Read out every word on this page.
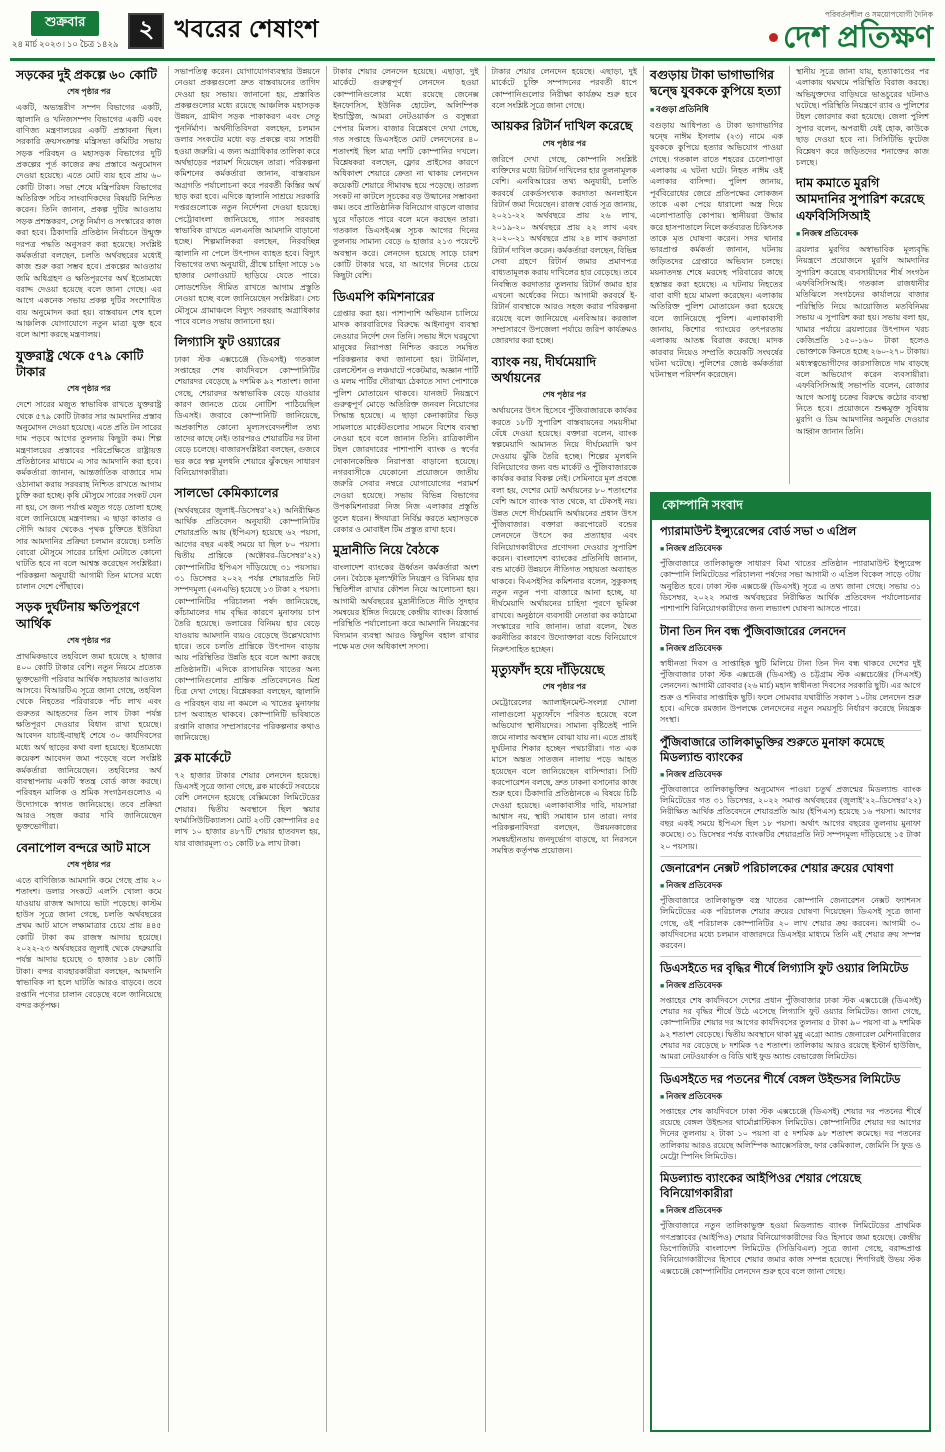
শুক্রবার
২৪ মার্চ ২০২৩ ৷ ১০ চৈত্র ১৪২৯
২ খবরের শেষাংশ
পরিবর্তনশীল ও সময়োপযোগী দৈনিক
দেশ প্রতিক্ষণ
সড়কের দুই প্রকল্পে ৬০ কোটি
শেষ পৃষ্ঠার পর
একটি, অভ্যন্তরীণ সম্পদ বিভাগের একটি, জ্বালানি ও খনিজসম্পদ বিভাগের একটি এবং বাণিজ্য মন্ত্রণালয়ের একটি প্রস্তাবনা ছিল। সরকারি ক্রয়সংক্রান্ত মন্ত্রিসভা কমিটির সভায় সড়ক পরিবহন ও মহাসড়ক বিভাগের দুটি প্রকল্পের পূর্ত কাজের ক্রয় প্রস্তাবে অনুমোদন দেওয়া হয়েছে। এতে মোট ব্যয় হবে প্রায় ৬০ কোটি টাকা। সভা শেষে মন্ত্রিপরিষদ বিভাগের অতিরিক্ত সচিব সাংবাদিকদের বিষয়টি নিশ্চিত করেন। তিনি জানান, প্রকল্প দুটির আওতায় সড়ক প্রশস্তকরণ, সেতু নির্মাণ ও সংস্কারের কাজ করা হবে। ঠিকাদারি প্রতিষ্ঠান নির্বাচনে উন্মুক্ত দরপত্র পদ্ধতি অনুসরণ করা হয়েছে। সংশ্লিষ্ট কর্মকর্তারা বলছেন, চলতি অর্থবছরের মধ্যেই কাজ শুরু করা সম্ভব হবে। প্রকল্পের আওতায় জমি অধিগ্রহণ ও ক্ষতিপূরণের অর্থ ইতোমধ্যে বরাদ্দ দেওয়া হয়েছে বলে জানা গেছে। এর আগে একনেক সভায় প্রকল্প দুটির সংশোধিত ব্যয় অনুমোদন করা হয়। বাস্তবায়ন শেষ হলে আঞ্চলিক যোগাযোগে নতুন মাত্রা যুক্ত হবে বলে আশা করছে মন্ত্রণালয়।
যুক্তরাষ্ট্র থেকে ৫৭৯ কোটি টাকার
শেষ পৃষ্ঠার পর
দেশে সারের মজুত স্বাভাবিক রাখতে যুক্তরাষ্ট্র থেকে ৫৭৯ কোটি টাকার সার আমদানির প্রস্তাব অনুমোদন দেওয়া হয়েছে। এতে প্রতি টন সারের দাম পড়বে আগের তুলনায় কিছুটা কম। শিল্প মন্ত্রণালয়ের প্রস্তাবের পরিপ্রেক্ষিতে রাষ্ট্রায়ত্ত প্রতিষ্ঠানের মাধ্যমে এ সার আমদানি করা হবে। কর্মকর্তারা জানান, আন্তর্জাতিক বাজারে দাম ওঠানামা করায় সরবরাহ নিশ্চিত রাখতে আগাম চুক্তি করা হচ্ছে। কৃষি মৌসুমে সারের সংকট যেন না হয়, সে জন্য পর্যাপ্ত মজুত গড়ে তোলা হচ্ছে বলে জানিয়েছে মন্ত্রণালয়। এ ছাড়া কাতার ও সৌদি আরব থেকেও পৃথক চুক্তিতে ইউরিয়া সার আমদানির প্রক্রিয়া চলমান রয়েছে। চলতি বোরো মৌসুমে সারের চাহিদা মেটাতে কোনো ঘাটতি হবে না বলে আশ্বস্ত করেছেন সংশ্লিষ্টরা। পরিকল্পনা অনুযায়ী আগামী তিন মাসের মধ্যে চালান দেশে পৌঁছাবে।
সড়ক দুর্ঘটনায় ক্ষতিপূরণে আর্থিক
শেষ পৃষ্ঠার পর
প্রাথমিকভাবে তহবিলে জমা হয়েছে ২ হাজার ৪০০ কোটি টাকার বেশি। নতুন নিয়মে প্রত্যেক ভুক্তভোগী পরিবার আর্থিক সহায়তার আওতায় আসবে। বিআরটিএ সূত্রে জানা গেছে, তহবিল থেকে নিহতের পরিবারকে পাঁচ লাখ এবং গুরুতর আহতদের তিন লাখ টাকা পর্যন্ত ক্ষতিপূরণ দেওয়ার বিধান রাখা হয়েছে। আবেদন যাচাই-বাছাই শেষে ৩০ কার্যদিবসের মধ্যে অর্থ ছাড়ের কথা বলা হয়েছে। ইতোমধ্যে কয়েকশ আবেদন জমা পড়েছে বলে সংশ্লিষ্ট কর্মকর্তারা জানিয়েছেন। তহবিলের অর্থ ব্যবস্থাপনায় একটি স্বতন্ত্র বোর্ড কাজ করছে। পরিবহন মালিক ও শ্রমিক সংগঠনগুলোও এ উদ্যোগকে স্বাগত জানিয়েছে। তবে প্রক্রিয়া আরও সহজ করার দাবি জানিয়েছেন ভুক্তভোগীরা।
বেনাপোল বন্দরে আট মাসে
শেষ পৃষ্ঠার পর
এতে বাণিজ্যিক আমদানি কমে গেছে প্রায় ২০ শতাংশ। ডলার সংকটে এলসি খোলা কমে যাওয়ায় রাজস্ব আদায়ে ভাটা পড়েছে। কাস্টম হাউস সূত্রে জানা গেছে, চলতি অর্থবছরের প্রথম আট মাসে লক্ষ্যমাত্রার চেয়ে প্রায় ৪৪৫ কোটি টাকা কম রাজস্ব আদায় হয়েছে। ২০২২-২৩ অর্থবছরের জুলাই থেকে ফেব্রুয়ারি পর্যন্ত আদায় হয়েছে ৩ হাজার ১৪৮ কোটি টাকা। বন্দর ব্যবহারকারীরা বলছেন, আমদানি স্বাভাবিক না হলে ঘাটতি আরও বাড়বে। তবে রপ্তানি পণ্যের চালান বেড়েছে বলে জানিয়েছে বন্দর কর্তৃপক্ষ।
সভাপতিত্ব করেন। যোগাযোগব্যবস্থার উন্নয়নে নেওয়া প্রকল্পগুলো দ্রুত বাস্তবায়নের তাগিদ দেওয়া হয় সভায়। জানানো হয়, প্রস্তাবিত প্রকল্পগুলোর মধ্যে রয়েছে আঞ্চলিক মহাসড়ক উন্নয়ন, গ্রামীণ সড়ক পাকাকরণ এবং সেতু পুনর্নির্মাণ। অর্থনীতিবিদরা বলছেন, চলমান ডলার সংকটের মধ্যে বড় প্রকল্পে ব্যয় সাশ্রয়ী হওয়া জরুরি। এ জন্য অগ্রাধিকার তালিকা করে অর্থছাড়ের পরামর্শ দিয়েছেন তারা। পরিকল্পনা কমিশনের কর্মকর্তারা জানান, বাস্তবায়ন অগ্রগতি পর্যালোচনা করে পরবর্তী কিস্তির অর্থ ছাড় করা হবে। এদিকে জ্বালানি সাশ্রয়ে সরকারি দপ্তরগুলোকে নতুন নির্দেশনা দেওয়া হয়েছে। পেট্রোবাংলা জানিয়েছে, গ্যাস সরবরাহ স্বাভাবিক রাখতে এলএনজি আমদানি বাড়ানো হচ্ছে। শিল্পমালিকরা বলছেন, নিরবচ্ছিন্ন জ্বালানি না পেলে উৎপাদন ব্যাহত হবে। বিদ্যুৎ বিভাগের তথ্য অনুযায়ী, গ্রীষ্মে চাহিদা সাড়ে ১৬ হাজার মেগাওয়াট ছাড়িয়ে যেতে পারে। লোডশেডিং সীমিত রাখতে আগাম প্রস্তুতি নেওয়া হচ্ছে বলে জানিয়েছেন সংশ্লিষ্টরা। সেচ মৌসুমে গ্রামাঞ্চলে বিদ্যুৎ সরবরাহ অগ্রাধিকার পাবে বলেও সভায় জানানো হয়।
লিগ্যাসি ফুট ওয়্যারের
ঢাকা স্টক এক্সচেঞ্জে (ডিএসই) গতকাল সপ্তাহের শেষ কার্যদিবসে কোম্পানিটির শেয়ারদর বেড়েছে ৯ দশমিক ৯২ শতাংশ। জানা গেছে, শেয়ারদর অস্বাভাবিক বেড়ে যাওয়ার কারণ জানতে চেয়ে নোটিশ পাঠিয়েছিল ডিএসই। জবাবে কোম্পানিটি জানিয়েছে, অপ্রকাশিত কোনো মূল্যসংবেদনশীল তথ্য তাদের কাছে নেই। তারপরও শেয়ারটির দর টানা বেড়ে চলেছে। বাজারসংশ্লিষ্টরা বলছেন, গুজবে ভর করে স্বল্প মূলধনি শেয়ারে ঝুঁকছেন সাধারণ বিনিয়োগকারীরা।
সালভো কেমিক্যালের
(অর্থবছরের জুলাই–ডিসেম্বর’২২) অনিরীক্ষিত আর্থিক প্রতিবেদন অনুযায়ী কোম্পানিটির শেয়ারপ্রতি আয় (ইপিএস) হয়েছে ৬২ পয়সা, আগের বছর একই সময়ে যা ছিল ৮০ পয়সা। দ্বিতীয় প্রান্তিকে (অক্টোবর–ডিসেম্বর’২২) কোম্পানিটির ইপিএস দাঁড়িয়েছে ৩১ পয়সায়। ৩১ ডিসেম্বর ২০২২ পর্যন্ত শেয়ারপ্রতি নিট সম্পদমূল্য (এনএভি) হয়েছে ১৩ টাকা ২ পয়সা। কোম্পানিটির পরিচালনা পর্ষদ জানিয়েছে, কাঁচামালের দাম বৃদ্ধির কারণে মুনাফায় চাপ তৈরি হয়েছে। ডলারের বিনিময় হার বেড়ে যাওয়ায় আমদানি ব্যয়ও বেড়েছে উল্লেখযোগ্য হারে। তবে চলতি প্রান্তিকে উৎপাদন বাড়ায় আয় পরিস্থিতির উন্নতি হবে বলে আশা করছে প্রতিষ্ঠানটি। এদিকে রাসায়নিক খাতের অন্য কোম্পানিগুলোর প্রান্তিক প্রতিবেদনেও মিশ্র চিত্র দেখা গেছে। বিশ্লেষকরা বলছেন, জ্বালানি ও পরিবহন ব্যয় না কমলে এ খাতের মুনাফায় চাপ অব্যাহত থাকবে। কোম্পানিটি ভবিষ্যতে রপ্তানি বাজার সম্প্রসারণের পরিকল্পনার কথাও জানিয়েছে।
ব্লক মার্কেটে
৭২ হাজার টাকার শেয়ার লেনদেন হয়েছে। ডিএসই সূত্রে জানা গেছে, ব্লক মার্কেটে সবচেয়ে বেশি লেনদেন হয়েছে বেক্সিমকো লিমিটেডের শেয়ার। দ্বিতীয় অবস্থানে ছিল স্কয়ার ফার্মাসিউটিক্যালস। মোট ২৩টি কোম্পানির ৪৫ লাখ ১০ হাজার ৪৮৭টি শেয়ার হাতবদল হয়, যার বাজারমূল্য ৩১ কোটি ৮৯ লাখ টাকা।
টাকার শেয়ার লেনদেন হয়েছে। এছাড়া, দুই মার্কেটে গুরুত্বপূর্ণ লেনদেন হওয়া কোম্পানিগুলোর মধ্যে রয়েছে জেনেক্স ইনফোসিস, ইউনিক হোটেল, অলিম্পিক ইন্ডাস্ট্রিজ, আমরা নেটওয়ার্কস ও বসুন্ধরা পেপার মিলস। বাজার বিশ্লেষণে দেখা গেছে, গত সপ্তাহে ডিএসইতে মোট লেনদেনের ৪০ শতাংশই ছিল মাত্র দশটি কোম্পানির দখলে। বিশ্লেষকরা বলছেন, ফ্লোর প্রাইসের কারণে অধিকাংশ শেয়ারে ক্রেতা না থাকায় লেনদেন কয়েকটি শেয়ারে সীমাবদ্ধ হয়ে পড়েছে। তারল্য সংকট না কাটলে সূচকের বড় উত্থানের সম্ভাবনা কম। তবে প্রাতিষ্ঠানিক বিনিয়োগ বাড়লে বাজার ঘুরে দাঁড়াতে পারে বলে মনে করছেন তারা। গতকাল ডিএসইএক্স সূচক আগের দিনের তুলনায় সামান্য বেড়ে ৬ হাজার ২১৩ পয়েন্টে অবস্থান করে। লেনদেন হয়েছে সাড়ে চারশ কোটি টাকার ঘরে, যা আগের দিনের চেয়ে কিছুটা বেশি।
ডিএমপি কমিশনারের
গ্রেপ্তার করা হয়। পাশাপাশি অভিযান চালিয়ে মাদক কারবারিদের বিরুদ্ধে আইনানুগ ব্যবস্থা নেওয়ার নির্দেশ দেন তিনি। সভায় ঈদে ঘরমুখো মানুষের নিরাপত্তা নিশ্চিত করতে সমন্বিত পরিকল্পনার কথা জানানো হয়। টার্মিনাল, রেলস্টেশন ও লঞ্চঘাটে পকেটমার, অজ্ঞান পার্টি ও মলম পার্টির দৌরাত্ম্য ঠেকাতে সাদা পোশাকে পুলিশ মোতায়েন থাকবে। যানজট নিয়ন্ত্রণে গুরুত্বপূর্ণ মোড়ে অতিরিক্ত জনবল নিয়োগের সিদ্ধান্ত হয়েছে। এ ছাড়া কেনাকাটার ভিড় সামলাতে মার্কেটগুলোর সামনে বিশেষ ব্যবস্থা নেওয়া হবে বলে জানান তিনি। রাত্রিকালীন টহল জোরদারের পাশাপাশি ব্যাংক ও স্বর্ণের দোকানকেন্দ্রিক নিরাপত্তা বাড়ানো হয়েছে। নগরবাসীকে যেকোনো প্রয়োজনে জাতীয় জরুরি সেবার নম্বরে যোগাযোগের পরামর্শ দেওয়া হয়েছে। সভায় বিভিন্ন বিভাগের উপকমিশনাররা নিজ নিজ এলাকার প্রস্তুতি তুলে ধরেন। ঈদযাত্রা নির্বিঘ্ন করতে মহাসড়কে রেকার ও মোবাইল টিম প্রস্তুত রাখা হবে।
মুদ্রানীতি নিয়ে বৈঠকে
বাংলাদেশ ব্যাংকের ঊর্ধ্বতন কর্মকর্তারা অংশ নেন। বৈঠকে মূল্যস্ফীতি নিয়ন্ত্রণ ও বিনিময় হার স্থিতিশীল রাখার কৌশল নিয়ে আলোচনা হয়। আগামী অর্থবছরের মুদ্রানীতিতে নীতি সুদহার সমন্বয়ের ইঙ্গিত দিয়েছে কেন্দ্রীয় ব্যাংক। রিজার্ভ পরিস্থিতি পর্যালোচনা করে আমদানি নিয়ন্ত্রণের বিদ্যমান ব্যবস্থা আরও কিছুদিন বহাল রাখার পক্ষে মত দেন অধিকাংশ সদস্য।
টাকার শেয়ার লেনদেন হয়েছে। এছাড়া, দুই মার্কেটে চুক্তি সম্পাদনের পরবর্তী ধাপে কোম্পানিগুলোর নিরীক্ষা কার্যক্রম শুরু হবে বলে সংশ্লিষ্ট সূত্রে জানা গেছে।
আয়কর রিটার্ন দাখিল করেছে
শেষ পৃষ্ঠার পর
জরিপে দেখা গেছে, কোম্পানি সংশ্লিষ্ট ব্যক্তিদের মধ্যে রিটার্ন দাখিলের হার তুলনামূলক বেশি। এনবিআরের তথ্য অনুযায়ী, চলতি করবর্ষে রেকর্ডসংখ্যক করদাতা অনলাইনে রিটার্ন জমা দিয়েছেন। রাজস্ব বোর্ড সূত্র জানায়, ২০২১-২২ অর্থবছরে প্রায় ২৬ লাখ, ২০১৯-২০ অর্থবছরে প্রায় ২২ লাখ এবং ২০২০-২১ অর্থবছরে প্রায় ২৪ লাখ করদাতা রিটার্ন দাখিল করেন। কর্মকর্তারা বলছেন, বিভিন্ন সেবা গ্রহণে রিটার্ন জমার প্রমাণপত্র বাধ্যতামূলক করায় দাখিলের হার বেড়েছে। তবে নিবন্ধিত করদাতার তুলনায় রিটার্ন জমার হার এখনো অর্ধেকের নিচে। আগামী করবর্ষে ই-রিটার্ন ব্যবস্থাকে আরও সহজ করার পরিকল্পনা রয়েছে বলে জানিয়েছে এনবিআর। করজাল সম্প্রসারণে উপজেলা পর্যায়ে জরিপ কার্যক্রমও জোরদার করা হচ্ছে।
ব্যাংক নয়, দীর্ঘমেয়াদি অর্থায়নের
শেষ পৃষ্ঠার পর
অর্থায়নের উৎস হিসেবে পুঁজিবাজারকে কার্যকর করতে ১৮টি সুপারিশ বাস্তবায়নের সময়সীমা বেঁধে দেওয়া হয়েছে। বক্তারা বলেন, ব্যাংক স্বল্পমেয়াদি আমানত নিয়ে দীর্ঘমেয়াদি ঋণ দেওয়ায় ঝুঁকি তৈরি হচ্ছে। শিল্পের মূলধনি বিনিয়োগের জন্য বন্ড মার্কেট ও পুঁজিবাজারকে কার্যকর করার বিকল্প নেই। সেমিনারে মূল প্রবন্ধে বলা হয়, দেশের মোট অর্থায়নের ৮০ শতাংশের বেশি আসে ব্যাংক খাত থেকে, যা টেকসই নয়। উন্নত দেশে দীর্ঘমেয়াদি অর্থায়নের প্রধান উৎস পুঁজিবাজার। বক্তারা করপোরেট বন্ডের লেনদেনে উৎসে কর প্রত্যাহার এবং বিনিয়োগকারীদের প্রণোদনা দেওয়ার সুপারিশ করেন। বাংলাদেশ ব্যাংকের প্রতিনিধি জানান, বন্ড মার্কেট উন্নয়নে নীতিগত সহায়তা অব্যাহত থাকবে। বিএসইসির কমিশনার বলেন, সুকুকসহ নতুন নতুন পণ্য বাজারে আনা হচ্ছে, যা দীর্ঘমেয়াদি অর্থায়নের চাহিদা পূরণে ভূমিকা রাখবে। অনুষ্ঠানে ব্যবসায়ী নেতারা কর কাঠামো সংস্কারের দাবি জানান। তারা বলেন, দ্বৈত করনীতির কারণে উদ্যোক্তারা বন্ডে বিনিয়োগে নিরুৎসাহিত হচ্ছেন।
মৃত্যুফাঁদ হয়ে দাঁড়িয়েছে
শেষ পৃষ্ঠার পর
মেট্রোরেলের অ্যালাইনমেন্ট-সংলগ্ন খোলা নালাগুলো মৃত্যুফাঁদে পরিণত হয়েছে বলে অভিযোগ স্থানীয়দের। সামান্য বৃষ্টিতেই পানি জমে নালার অবস্থান বোঝা যায় না। এতে প্রায়ই দুর্ঘটনার শিকার হচ্ছেন পথচারীরা। গত এক মাসে অন্তত সাতজন নালায় পড়ে আহত হয়েছেন বলে জানিয়েছেন বাসিন্দারা। সিটি করপোরেশন বলছে, দ্রুত ঢাকনা বসানোর কাজ শুরু হবে। ঠিকাদারি প্রতিষ্ঠানকে এ বিষয়ে চিঠি দেওয়া হয়েছে। এলাকাবাসীর দাবি, দায়সারা আশ্বাস নয়, স্থায়ী সমাধান চান তারা। নগর পরিকল্পনাবিদরা বলছেন, উন্নয়নকাজের সমন্বয়হীনতায় জনদুর্ভোগ বাড়ছে, যা নিরসনে সমন্বিত কর্তৃপক্ষ প্রয়োজন।
বগুড়ায় টাকা ভাগাভাগির দ্বন্দ্বে যুবককে কুপিয়ে হত্যা
■ বগুড়া প্রতিনিধি
বগুড়ায় আধিপত্য ও টাকা ভাগাভাগির দ্বন্দ্বে নাঈম ইসলাম (২৩) নামে এক যুবককে কুপিয়ে হত্যার অভিযোগ পাওয়া গেছে। গতকাল রাতে শহরের চেলোপাড়া এলাকায় এ ঘটনা ঘটে। নিহত নাঈম ওই এলাকার বাসিন্দা। পুলিশ জানায়, পূর্ববিরোধের জেরে প্রতিপক্ষের লোকজন তাকে একা পেয়ে ধারালো অস্ত্র দিয়ে এলোপাতাড়ি কোপায়। স্থানীয়রা উদ্ধার করে হাসপাতালে নিলে কর্তব্যরত চিকিৎসক তাকে মৃত ঘোষণা করেন। সদর থানার ভারপ্রাপ্ত কর্মকর্তা জানান, ঘটনায় জড়িতদের গ্রেপ্তারে অভিযান চলছে। ময়নাতদন্ত শেষে মরদেহ পরিবারের কাছে হস্তান্তর করা হয়েছে। এ ঘটনায় নিহতের বাবা বাদী হয়ে মামলা করেছেন। এলাকায় অতিরিক্ত পুলিশ মোতায়েন করা হয়েছে বলে জানিয়েছে পুলিশ। এলাকাবাসী জানায়, কিশোর গ্যাংয়ের তৎপরতায় এলাকায় আতঙ্ক বিরাজ করছে। মাদক কারবার নিয়েও সম্প্রতি কয়েকটি সংঘর্ষের ঘটনা ঘটেছে। পুলিশের জ্যেষ্ঠ কর্মকর্তারা ঘটনাস্থল পরিদর্শন করেছেন।
স্থানীয় সূত্রে জানা যায়, হত্যাকাণ্ডের পর এলাকায় থমথমে পরিস্থিতি বিরাজ করছে। অভিযুক্তদের বাড়িঘরে ভাঙচুরের ঘটনাও ঘটেছে। পরিস্থিতি নিয়ন্ত্রণে র‍্যাব ও পুলিশের টহল জোরদার করা হয়েছে। জেলা পুলিশ সুপার বলেন, অপরাধী যেই হোক, কাউকে ছাড় দেওয়া হবে না। সিসিটিভি ফুটেজ বিশ্লেষণ করে জড়িতদের শনাক্তের কাজ চলছে।
দাম কমাতে মুরগি আমদানির সুপারিশ করেছে এফবিসিসিআই
■ নিজস্ব প্রতিবেদক
ব্রয়লার মুরগির অস্বাভাবিক মূল্যবৃদ্ধি নিয়ন্ত্রণে প্রয়োজনে মুরগি আমদানির সুপারিশ করেছে ব্যবসায়ীদের শীর্ষ সংগঠন এফবিসিসিআই। গতকাল রাজধানীর মতিঝিলে সংগঠনের কার্যালয়ে বাজার পরিস্থিতি নিয়ে আয়োজিত মতবিনিময় সভায় এ সুপারিশ করা হয়। সভায় বলা হয়, খামার পর্যায়ে ব্রয়লারের উৎপাদন খরচ কেজিপ্রতি ১৫০-১৬০ টাকা হলেও ভোক্তাকে কিনতে হচ্ছে ২৬০-২৭০ টাকায়। মধ্যস্বত্বভোগীদের কারসাজিতে দাম বাড়ছে বলে অভিযোগ করেন ব্যবসায়ীরা। এফবিসিসিআই সভাপতি বলেন, রোজার আগে অসাধু চক্রের বিরুদ্ধে কঠোর ব্যবস্থা নিতে হবে। প্রয়োজনে শুল্কমুক্ত সুবিধায় মুরগি ও ডিম আমদানির অনুমতি দেওয়ার আহ্বান জানান তিনি।
কোম্পানি সংবাদ
প্যারামাউন্ট ইন্স্যুরেন্সের বোর্ড সভা ৩ এপ্রিল
■ নিজস্ব প্রতিবেদক

পুঁজিবাজারে তালিকাভুক্ত সাধারণ বিমা খাতের প্রতিষ্ঠান প্যারামাউন্ট ইন্স্যুরেন্স কোম্পানি লিমিটেডের পরিচালনা পর্ষদের সভা আগামী ৩ এপ্রিল বিকেল সাড়ে ৩টায় অনুষ্ঠিত হবে। ঢাকা স্টক এক্সচেঞ্জ (ডিএসই) সূত্রে এ তথ্য জানা গেছে। সভায় ৩১ ডিসেম্বর, ২০২২ সমাপ্ত অর্থবছরের নিরীক্ষিত আর্থিক প্রতিবেদন পর্যালোচনার পাশাপাশি বিনিয়োগকারীদের জন্য লভ্যাংশ ঘোষণা আসতে পারে।

টানা তিন দিন বন্ধ পুঁজিবাজারের লেনদেন
■ নিজস্ব প্রতিবেদক

স্বাধীনতা দিবস ও সাপ্তাহিক ছুটি মিলিয়ে টানা তিন দিন বন্ধ থাকবে দেশের দুই পুঁজিবাজার ঢাকা স্টক এক্সচেঞ্জ (ডিএসই) ও চট্টগ্রাম স্টক এক্সচেঞ্জের (সিএসই) লেনদেন। আগামী রোববার (২৬ মার্চ) মহান স্বাধীনতা দিবসের সরকারি ছুটি। এর আগে শুক্র ও শনিবার সাপ্তাহিক ছুটি। ফলে সোমবার যথারীতি সকাল ১০টায় লেনদেন শুরু হবে। এদিকে রমজান উপলক্ষে লেনদেনের নতুন সময়সূচি নির্ধারণ করেছে নিয়ন্ত্রক সংস্থা।

পুঁজিবাজারে তালিকাভুক্তির শুরুতে মুনাফা কমেছে মিডল্যান্ড ব্যাংকের
■ নিজস্ব প্রতিবেদক

পুঁজিবাজারে তালিকাভুক্তির অনুমোদন পাওয়া চতুর্থ প্রজন্মের মিডল্যান্ড ব্যাংক লিমিটেডের গত ৩১ ডিসেম্বর, ২০২২ সমাপ্ত অর্থবছরের (জুলাই’২২–ডিসেম্বর’২২) নিরীক্ষিত আর্থিক প্রতিবেদনে শেয়ারপ্রতি আয় (ইপিএস) হয়েছে ১৬ পয়সা। আগের বছর একই সময়ে ইপিএস ছিল ১৮ পয়সা। অর্থাৎ আগের বছরের তুলনায় মুনাফা কমেছে। ৩১ ডিসেম্বর পর্যন্ত ব্যাংকটির শেয়ারপ্রতি নিট সম্পদমূল্য দাঁড়িয়েছে ১৫ টাকা ২০ পয়সায়।

জেনারেশন নেক্সট পরিচালকের শেয়ার ক্রয়ের ঘোষণা
■ নিজস্ব প্রতিবেদক

পুঁজিবাজারে তালিকাভুক্ত বস্ত্র খাতের কোম্পানি জেনারেশন নেক্সট ফ্যাশনস লিমিটেডের এক পরিচালক শেয়ার ক্রয়ের ঘোষণা দিয়েছেন। ডিএসই সূত্রে জানা গেছে, ওই পরিচালক কোম্পানিটির ২০ লাখ শেয়ার ক্রয় করবেন। আগামী ৩০ কার্যদিবসের মধ্যে চলমান বাজারদরে ডিএসইর মাধ্যমে তিনি এই শেয়ার ক্রয় সম্পন্ন করবেন।

ডিএসইতে দর বৃদ্ধির শীর্ষে লিগ্যাসি ফুট ওয়্যার লিমিটেড
■ নিজস্ব প্রতিবেদক

সপ্তাহের শেষ কার্যদিবসে দেশের প্রধান পুঁজিবাজার ঢাকা স্টক এক্সচেঞ্জে (ডিএসই) শেয়ার দর বৃদ্ধির শীর্ষে উঠে এসেছে লিগ্যাসি ফুট ওয়্যার লিমিটেড। জানা গেছে, কোম্পানিটির শেয়ার দর আগের কার্যদিবসের তুলনায় ৫ টাকা ৯০ পয়সা বা ৯ দশমিক ৯২ শতাংশ বেড়েছে। দ্বিতীয় অবস্থানে থাকা মুন্নু এগ্রো অ্যান্ড জেনারেল মেশিনারিজের শেয়ার দর বেড়েছে ৮ দশমিক ৭৫ শতাংশ। তালিকায় আরও রয়েছে ইস্টার্ন হাউজিং, আমরা নেটওয়ার্কস ও বিডি থাই ফুড অ্যান্ড বেভারেজ লিমিটেড।

ডিএসইতে দর পতনের শীর্ষে বেঙ্গল উইন্ডসর লিমিটেড
■ নিজস্ব প্রতিবেদক

সপ্তাহের শেষ কার্যদিবসে ঢাকা স্টক এক্সচেঞ্জে (ডিএসই) শেয়ার দর পতনের শীর্ষে রয়েছে বেঙ্গল উইন্ডসর থার্মোপ্লাস্টিকস লিমিটেড। কোম্পানিটির শেয়ার দর আগের দিনের তুলনায় ২ টাকা ১০ পয়সা বা ৫ দশমিক ৯৮ শতাংশ কমেছে। দর পতনের তালিকায় আরও রয়েছে অলিম্পিক অ্যাক্সেসরিজ, ফার কেমিক্যাল, জেমিনি সি ফুড ও মেট্রো স্পিনিং লিমিটেড।

মিডল্যান্ড ব্যাংকের আইপিওর শেয়ার পেয়েছে বিনিয়োগকারীরা
■ নিজস্ব প্রতিবেদক

পুঁজিবাজারে নতুন তালিকাভুক্ত হওয়া মিডল্যান্ড ব্যাংক লিমিটেডের প্রাথমিক গণপ্রস্তাবের (আইপিও) শেয়ার বিনিয়োগকারীদের বিও হিসাবে জমা হয়েছে। কেন্দ্রীয় ডিপোজিটরি বাংলাদেশ লিমিটেড (সিডিবিএল) সূত্রে জানা গেছে, বরাদ্দপ্রাপ্ত বিনিয়োগকারীদের হিসাবে শেয়ার জমার কাজ সম্পন্ন হয়েছে। শিগগিরই উভয় স্টক এক্সচেঞ্জে কোম্পানিটির লেনদেন শুরু হবে বলে জানা গেছে।
